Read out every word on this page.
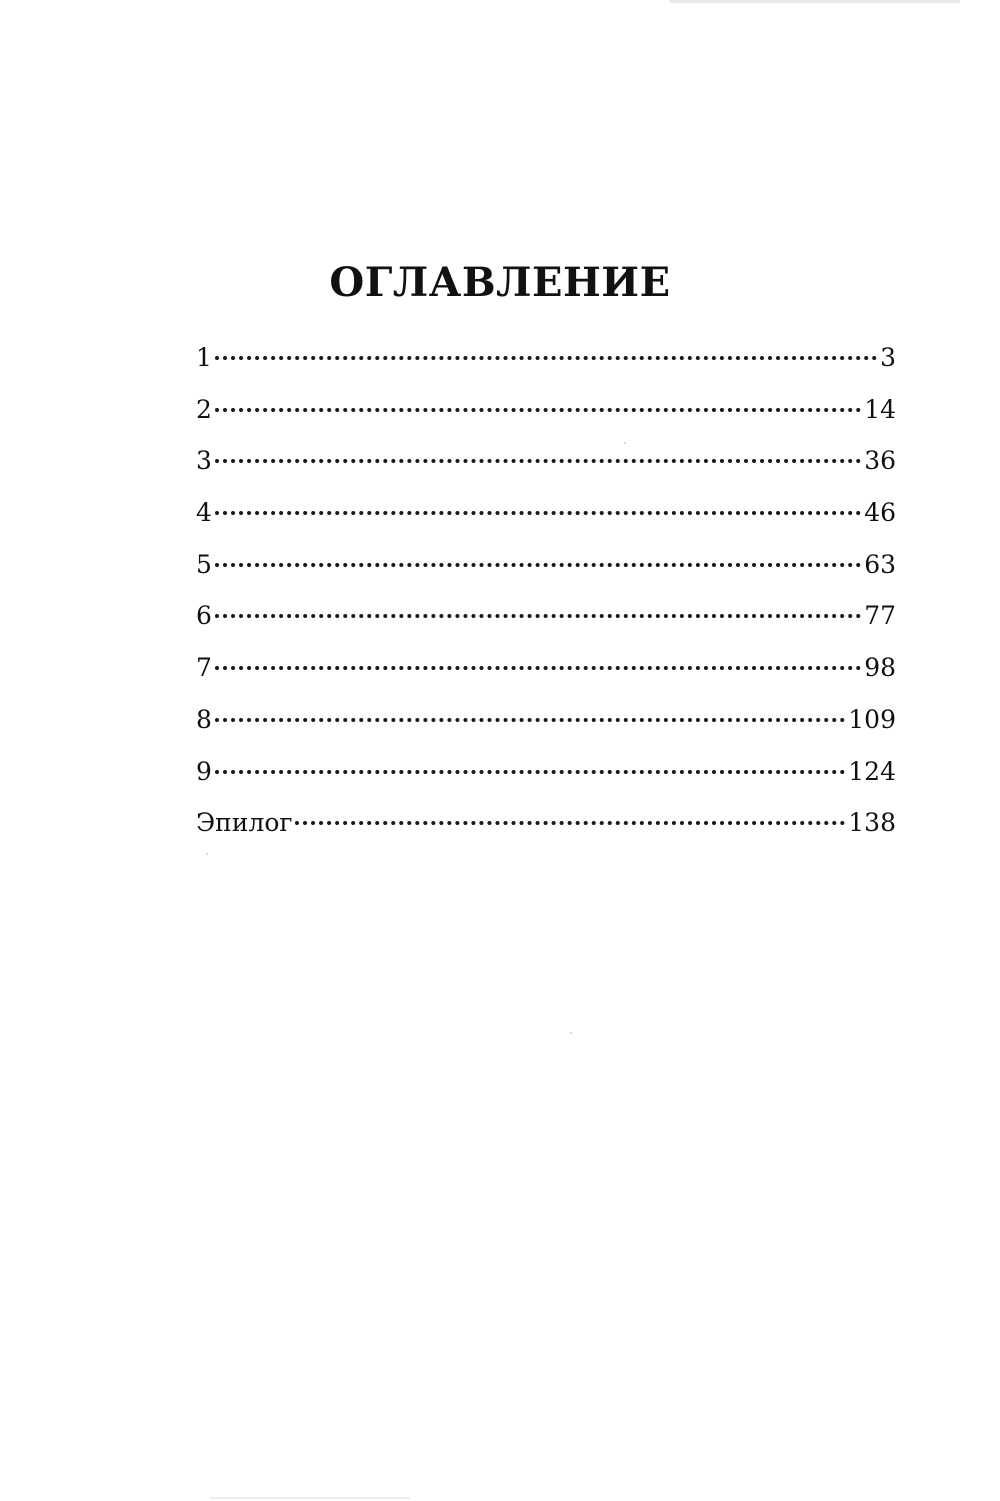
ОГЛАВЛЕНИЕ
1	3
2	14
3	36
4	46
5	63
6	77
7	98
8	109
9	124
Эпилог	138
